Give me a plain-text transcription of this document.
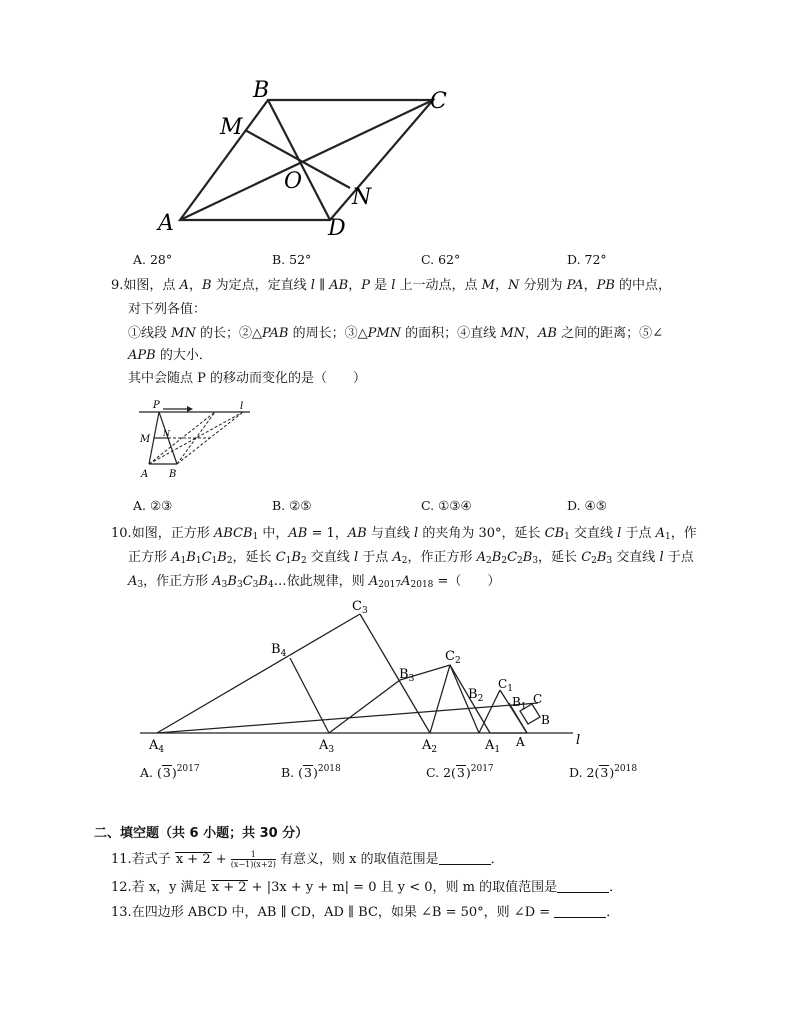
B	C
M
O
N
A	D
A. 28°	B. 52°	C. 62°	D. 72°
9.如图，点 A，B 为定点，定直线 l ∥ AB，P 是 l 上一动点，点 M，N 分别为 PA，PB 的中点，
对下列各值：
①线段 MN 的长；②△PAB 的周长；③△PMN 的面积；④直线 MN，AB 之间的距离；⑤∠
APB 的大小．
其中会随点 P 的移动而变化的是（　　）
P	l
M
N
A B
A. ②③	B. ②⑤	C. ①③④	D. ④⑤
10.如图，正方形 $ABCB_1$ 中，AB = 1，AB 与直线 l 的夹角为 30°，延长 $CB_1$ 交直线 l 于点 $A_1$，作
正方形 $A_1B_1C_1B_2$，延长 $C_1B_2$ 交直线 l 于点 $A_2$，作正方形 $A_2B_2C_2B_3$，延长 $C_2B_3$ 交直线 l 于点
$A_3$，作正方形 $A_3B_3C_3B_4\dots$依此规律，则 $A_{2017}A_{2018}$ =（　　）
$A_4$
$B_4$
$C_3$
$A_3$
$B_3$
$C_2$
$A_2$
$B_2$
$C_1$
$A_1$
$B_1$
C
A
B
l
A. $(3)^{2017}$	B. $(3)^{2018}$	C. $2(3)^{2017}$	D. $2(3)^{2018}$
二、填空题（共 6 小题；共 30 分）
11.若式子 $x + 2 + \frac{1}{(x-1)(x+2)}$ 有意义，则 x 的取值范围是	．
12.若 x，y 满足 x + 2 + |3x + y + m| = 0 且 y < 0，则 m 的取值范围是	．
13.在四边形 ABCD 中，AB ∥ CD，AD ∥ BC，如果 ∠B = 50°，则 ∠D =	．
